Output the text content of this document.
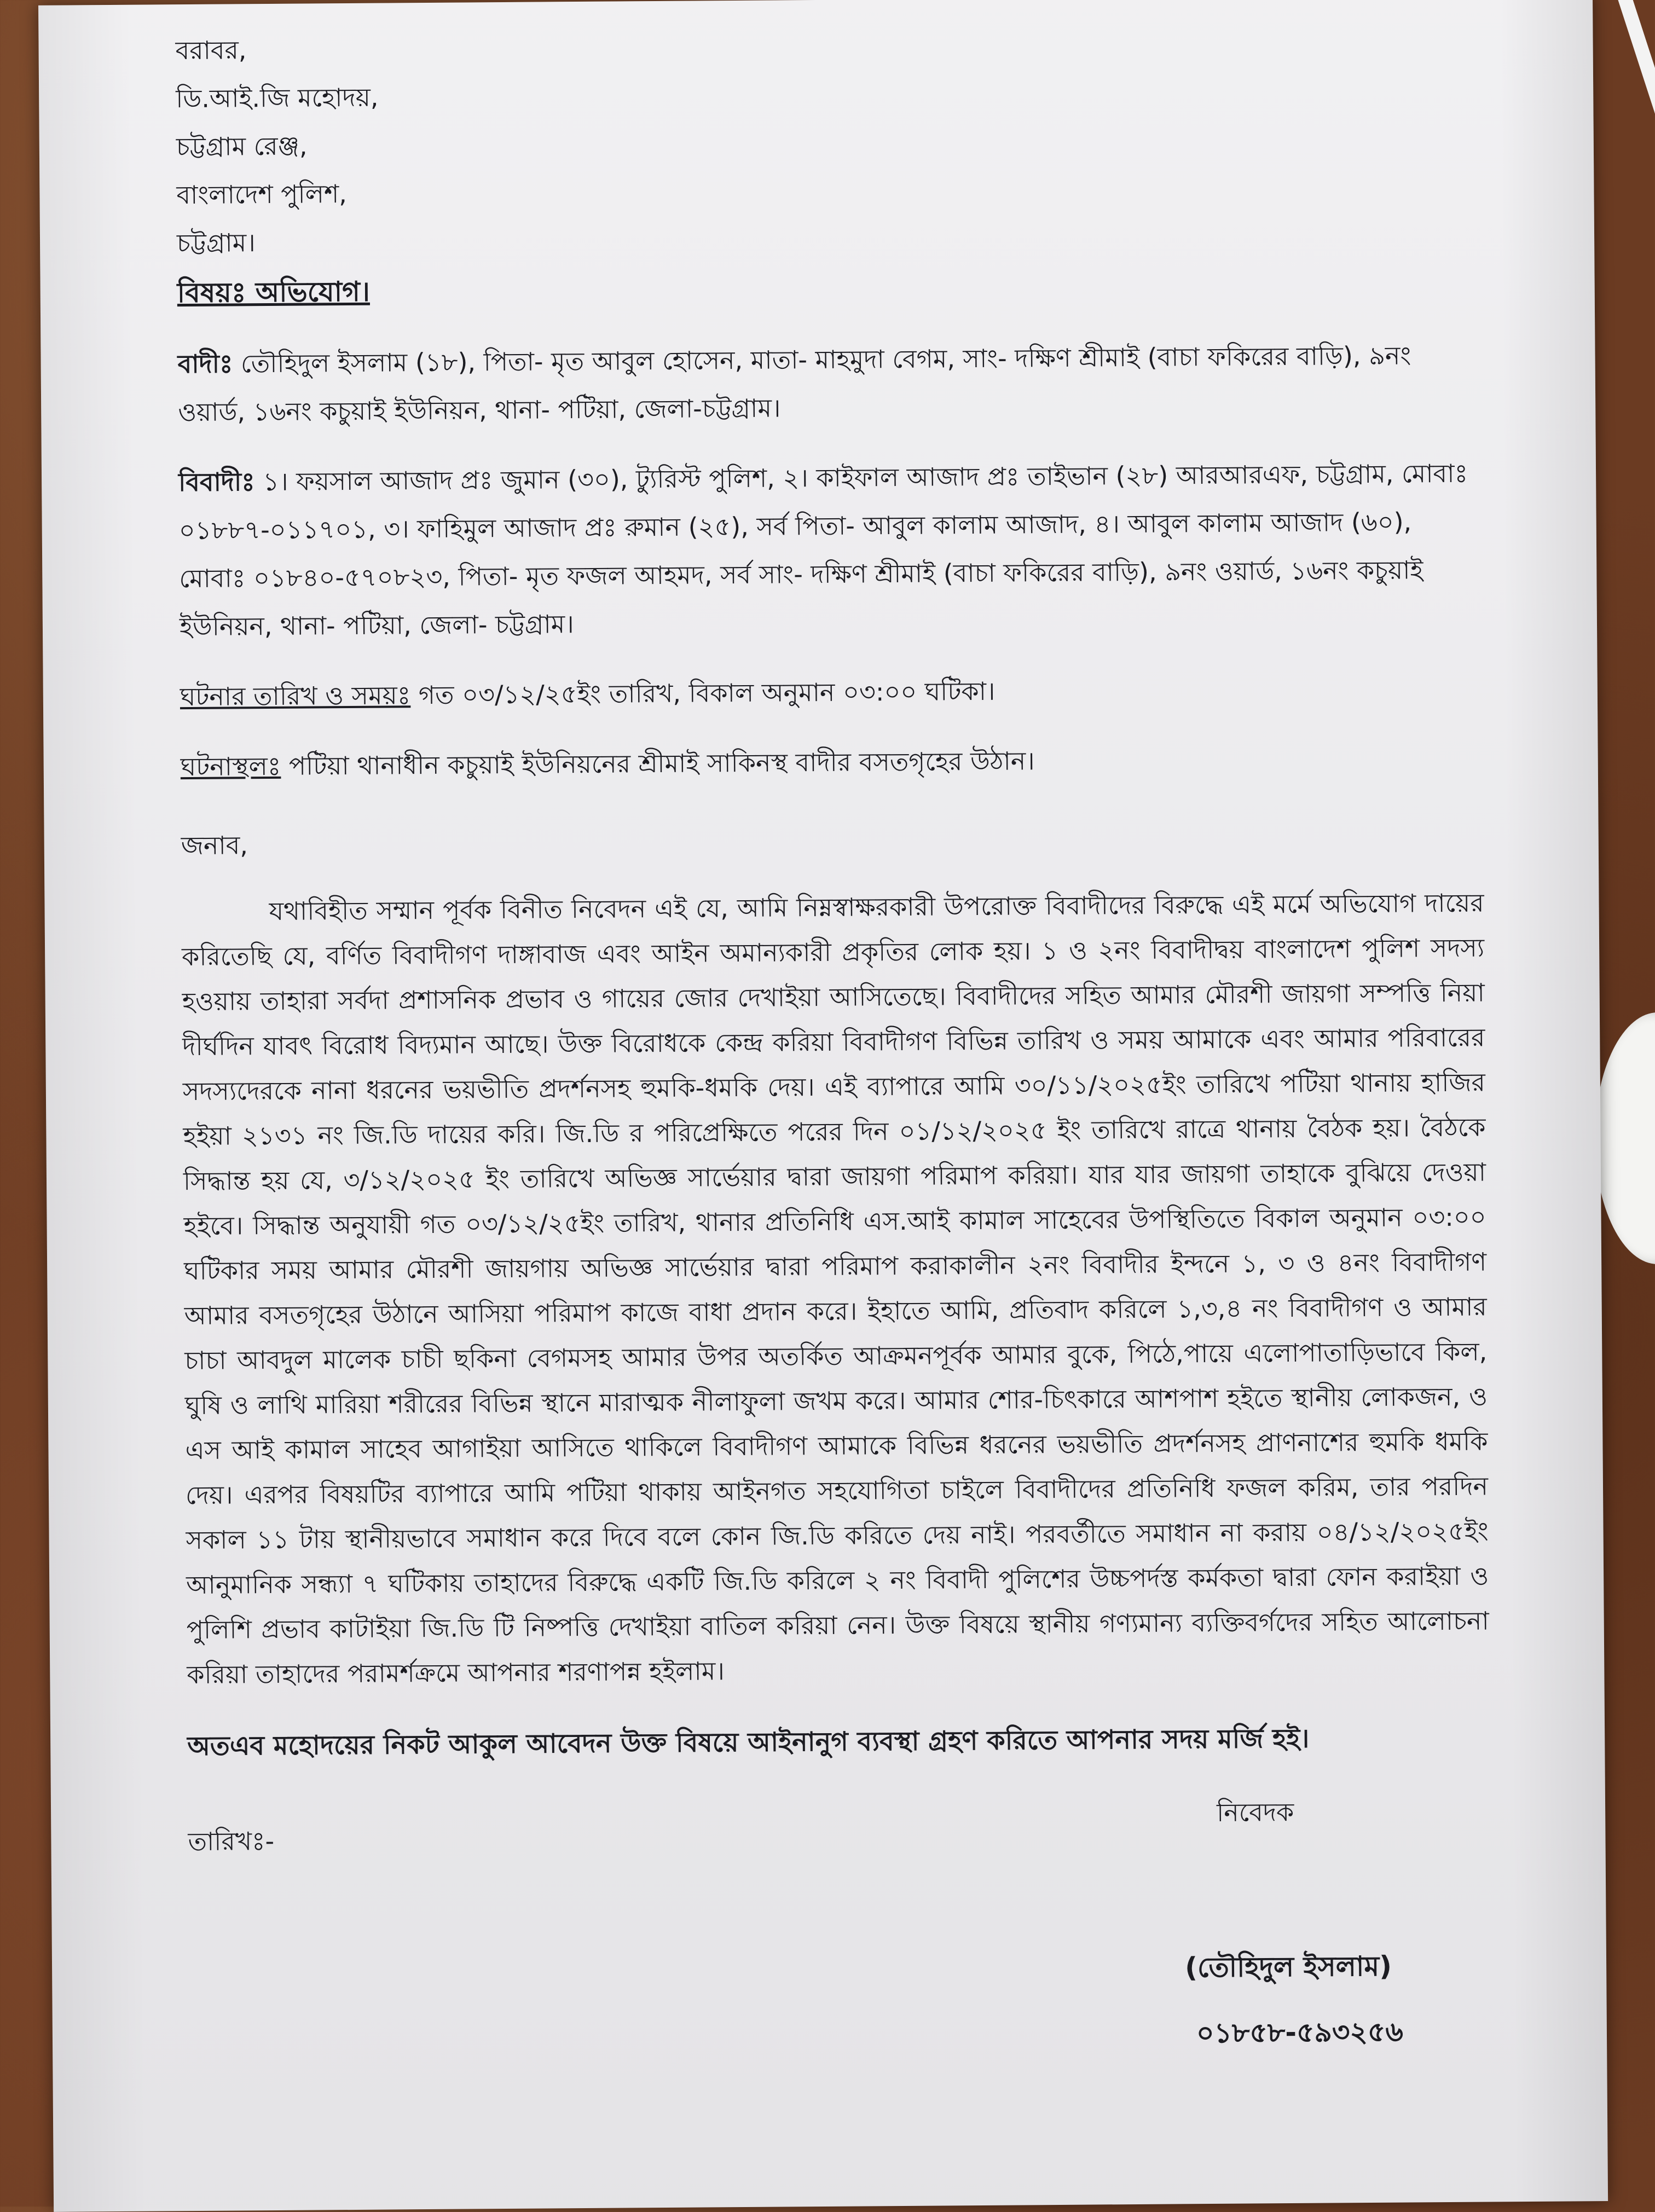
বরাবর,
ডি.আই.জি মহোদয়,
চট্টগ্রাম রেঞ্জ,
বাংলাদেশ পুলিশ,
চট্টগ্রাম।
বিষয়ঃ অভিযোগ।
বাদীঃ তৌহিদুল ইসলাম (১৮), পিতা- মৃত আবুল হোসেন, মাতা- মাহমুদা বেগম, সাং- দক্ষিণ শ্রীমাই (বাচা ফকিরের বাড়ি), ৯নং ওয়ার্ড, ১৬নং কচুয়াই ইউনিয়ন, থানা- পটিয়া, জেলা-চট্টগ্রাম।
বিবাদীঃ ১। ফয়সাল আজাদ প্রঃ জুমান (৩০), ট্যুরিস্ট পুলিশ, ২। কাইফাল আজাদ প্রঃ তাইভান (২৮) আরআরএফ, চট্টগ্রাম, মোবাঃ ০১৮৮৭-০১১৭০১, ৩। ফাহিমুল আজাদ প্রঃ রুমান (২৫), সর্ব পিতা- আবুল কালাম আজাদ, ৪। আবুল কালাম আজাদ (৬০), মোবাঃ ০১৮৪০-৫৭০৮২৩, পিতা- মৃত ফজল আহমদ, সর্ব সাং- দক্ষিণ শ্রীমাই (বাচা ফকিরের বাড়ি), ৯নং ওয়ার্ড, ১৬নং কচুয়াই ইউনিয়ন, থানা- পটিয়া, জেলা- চট্টগ্রাম।
ঘটনার তারিখ ও সময়ঃ গত ০৩/১২/২৫ইং তারিখ, বিকাল অনুমান ০৩:০০ ঘটিকা।
ঘটনাস্থলঃ পটিয়া থানাধীন কচুয়াই ইউনিয়নের শ্রীমাই সাকিনস্থ বাদীর বসতগৃহের উঠান।
জনাব,
যথাবিহীত সম্মান পূর্বক বিনীত নিবেদন এই যে, আমি নিম্নস্বাক্ষরকারী উপরোক্ত বিবাদীদের বিরুদ্ধে এই মর্মে অভিযোগ দায়ের করিতেছি যে, বর্ণিত বিবাদীগণ দাঙ্গাবাজ এবং আইন অমান্যকারী প্রকৃতির লোক হয়। ১ ও ২নং বিবাদীদ্বয় বাংলাদেশ পুলিশ সদস্য হওয়ায় তাহারা সর্বদা প্রশাসনিক প্রভাব ও গায়ের জোর দেখাইয়া আসিতেছে। বিবাদীদের সহিত আমার মৌরশী জায়গা সম্পত্তি নিয়া দীর্ঘদিন যাবৎ বিরোধ বিদ্যমান আছে। উক্ত বিরোধকে কেন্দ্র করিয়া বিবাদীগণ বিভিন্ন তারিখ ও সময় আমাকে এবং আমার পরিবারের সদস্যদেরকে নানা ধরনের ভয়ভীতি প্রদর্শনসহ হুমকি-ধমকি দেয়। এই ব্যাপারে আমি ৩০/১১/২০২৫ইং তারিখে পটিয়া থানায় হাজির হইয়া ২১৩১ নং জি.ডি দায়ের করি। জি.ডি র পরিপ্রেক্ষিতে পরের দিন ০১/১২/২০২৫ ইং তারিখে রাত্রে থানায় বৈঠক হয়। বৈঠকে সিদ্ধান্ত হয় যে, ৩/১২/২০২৫ ইং তারিখে অভিজ্ঞ সার্ভেয়ার দ্বারা জায়গা পরিমাপ করিয়া। যার যার জায়গা তাহাকে বুঝিয়ে দেওয়া হইবে। সিদ্ধান্ত অনুযায়ী গত ০৩/১২/২৫ইং তারিখ, থানার প্রতিনিধি এস.আই কামাল সাহেবের উপস্থিতিতে বিকাল অনুমান ০৩:০০ ঘটিকার সময় আমার মৌরশী জায়গায় অভিজ্ঞ সার্ভেয়ার দ্বারা পরিমাপ করাকালীন ২নং বিবাদীর ইন্দনে ১, ৩ ও ৪নং বিবাদীগণ আমার বসতগৃহের উঠানে আসিয়া পরিমাপ কাজে বাধা প্রদান করে। ইহাতে আমি, প্রতিবাদ করিলে ১,৩,৪ নং বিবাদীগণ ও আমার চাচা আবদুল মালেক চাচী ছকিনা বেগমসহ আমার উপর অতর্কিত আক্রমনপূর্বক আমার বুকে, পিঠে,পায়ে এলোপাতাড়িভাবে কিল, ঘুষি ও লাথি মারিয়া শরীরের বিভিন্ন স্থানে মারাত্মক নীলাফুলা জখম করে। আমার শোর-চিৎকারে আশপাশ হইতে স্থানীয় লোকজন, ও এস আই কামাল সাহেব আগাইয়া আসিতে থাকিলে বিবাদীগণ আমাকে বিভিন্ন ধরনের ভয়ভীতি প্রদর্শনসহ প্রাণনাশের হুমকি ধমকি দেয়। এরপর বিষয়টির ব্যাপারে আমি পটিয়া থাকায় আইনগত সহযোগিতা চাইলে বিবাদীদের প্রতিনিধি ফজল করিম, তার পরদিন সকাল ১১ টায় স্থানীয়ভাবে সমাধান করে দিবে বলে কোন জি.ডি করিতে দেয় নাই। পরবর্তীতে সমাধান না করায় ০৪/১২/২০২৫ইং আনুমানিক সন্ধ্যা ৭ ঘটিকায় তাহাদের বিরুদ্ধে একটি জি.ডি করিলে ২ নং বিবাদী পুলিশের উচ্চপর্দস্ত কর্মকতা দ্বারা ফোন করাইয়া ও পুলিশি প্রভাব কাটাইয়া জি.ডি টি নিষ্পত্তি দেখাইয়া বাতিল করিয়া নেন। উক্ত বিষয়ে স্থানীয় গণ্যমান্য ব্যক্তিবর্গদের সহিত আলোচনা করিয়া তাহাদের পরামর্শক্রমে আপনার শরণাপন্ন হইলাম।
অতএব মহোদয়ের নিকট আকুল আবেদন উক্ত বিষয়ে আইনানুগ ব্যবস্থা গ্রহণ করিতে আপনার সদয় মর্জি হই।
তারিখঃ-
নিবেদক
(তৌহিদুল ইসলাম)
০১৮৫৮-৫৯৩২৫৬
